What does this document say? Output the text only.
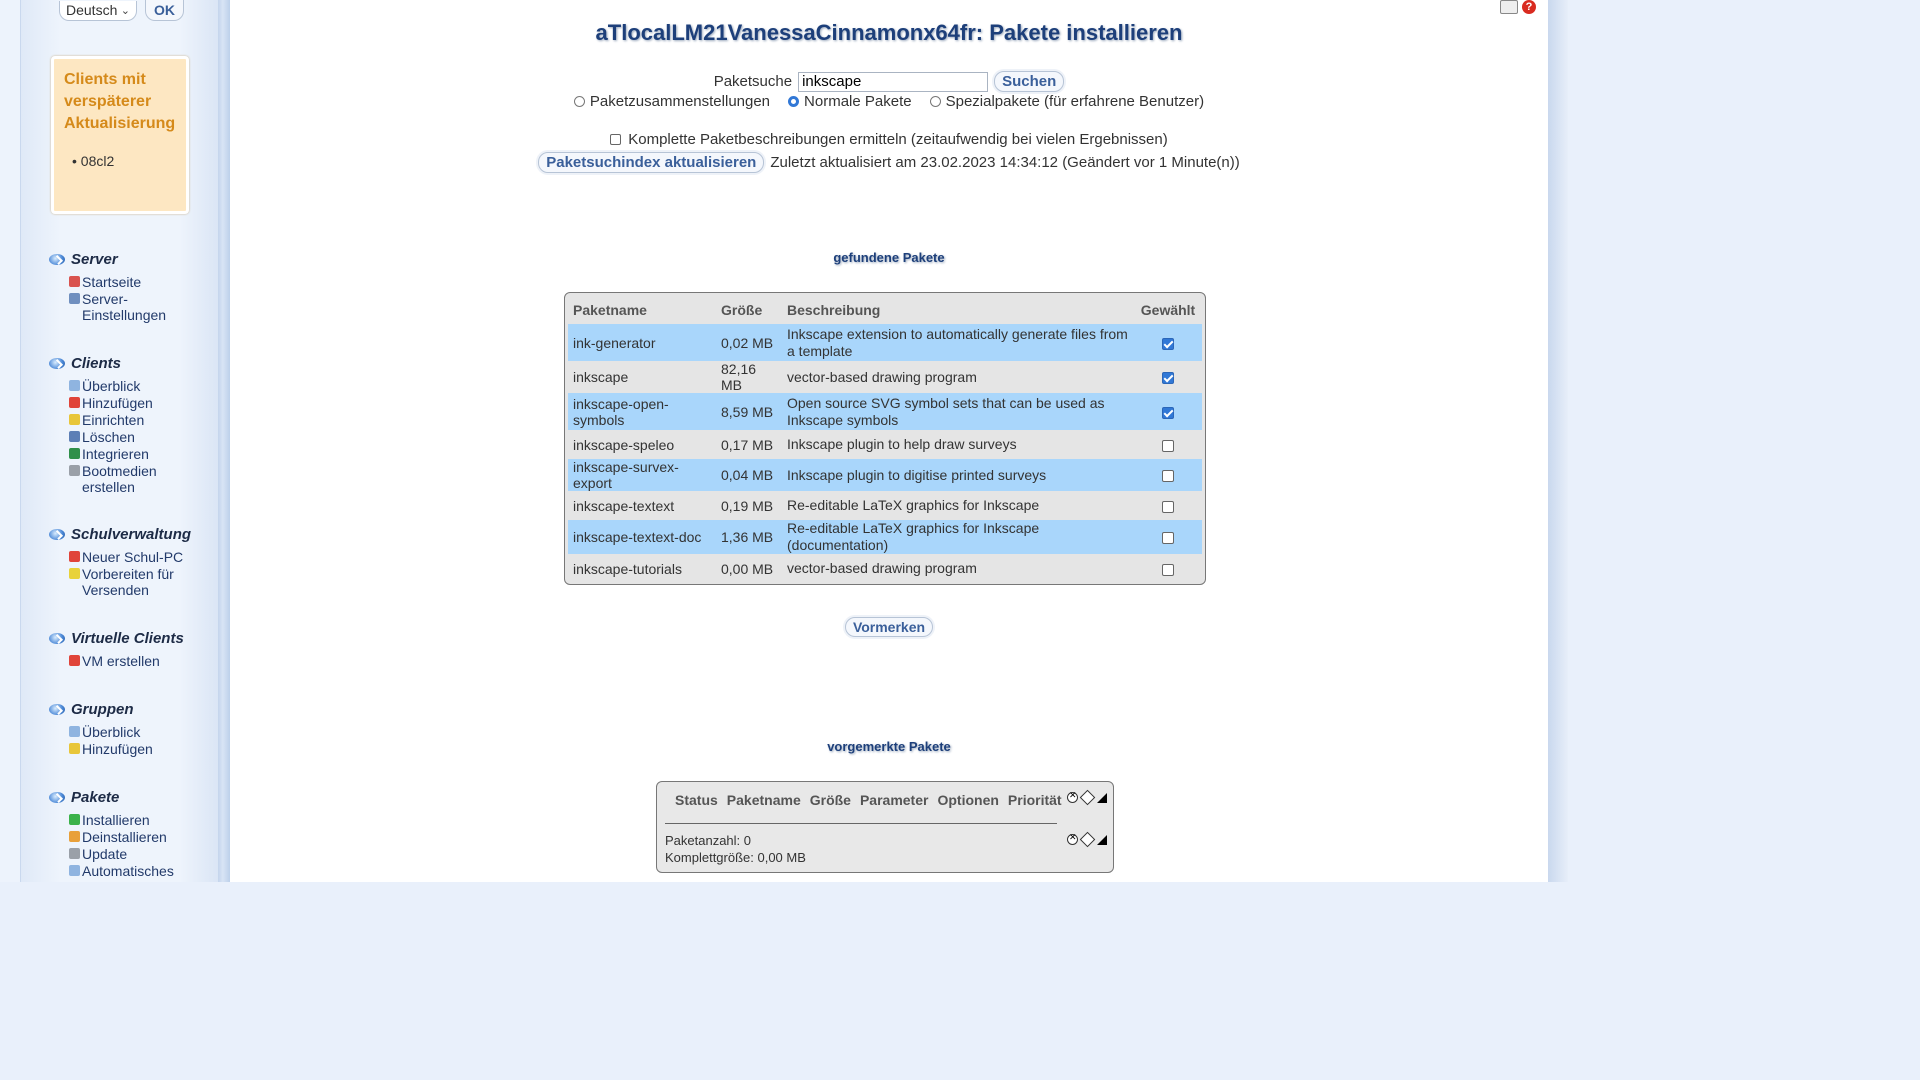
Deutsch ⌄	OK
Clients mit verspäterer Aktualisierung
• 08cl2
Server
Startseite
Server-Einstellungen
Clients
Überblick
Hinzufügen
Einrichten
Löschen
Integrieren
Bootmedien erstellen
Schulverwaltung
Neuer Schul-PC
Vorbereiten für Versenden
Virtuelle Clients
VM erstellen
Gruppen
Überblick
Hinzufügen
Pakete
Installieren
Deinstallieren
Update
Automatisches
aTlocalLM21VanessaCinnamonx64fr: Pakete installieren
Paketsuche
inkscape	Suchen
Paketzusammenstellungen Normale Pakete Spezialpakete (für erfahrene Benutzer)
Komplette Paketbeschreibungen ermitteln (zeitaufwendig bei vielen Ergebnissen)
Paketsuchindex aktualisieren Zuletzt aktualisiert am 23.02.2023 14:34:12 (Geändert vor 1 Minute(n))
gefundene Pakete
Paketname	Größe	Beschreibung	Gewählt
ink-generator	0,02 MB	Inkscape extension to automatically generate files from a template	
inkscape	82,16 MB	vector-based drawing program	
inkscape-open-symbols	8,59 MB	Open source SVG symbol sets that can be used as Inkscape symbols	
inkscape-speleo	0,17 MB	Inkscape plugin to help draw surveys	
inkscape-survex-export	0,04 MB	Inkscape plugin to digitise printed surveys	
inkscape-textext	0,19 MB	Re-editable LaTeX graphics for Inkscape	
inkscape-textext-doc	1,36 MB	Re-editable LaTeX graphics for Inkscape (documentation)	
inkscape-tutorials	0,00 MB	vector-based drawing program	
Vormerken
vorgemerkte Pakete
Status Paketname Größe Parameter Optionen Priorität
✕
Paketanzahl: 0
Komplettgröße: 0,00 MB
✕
?
